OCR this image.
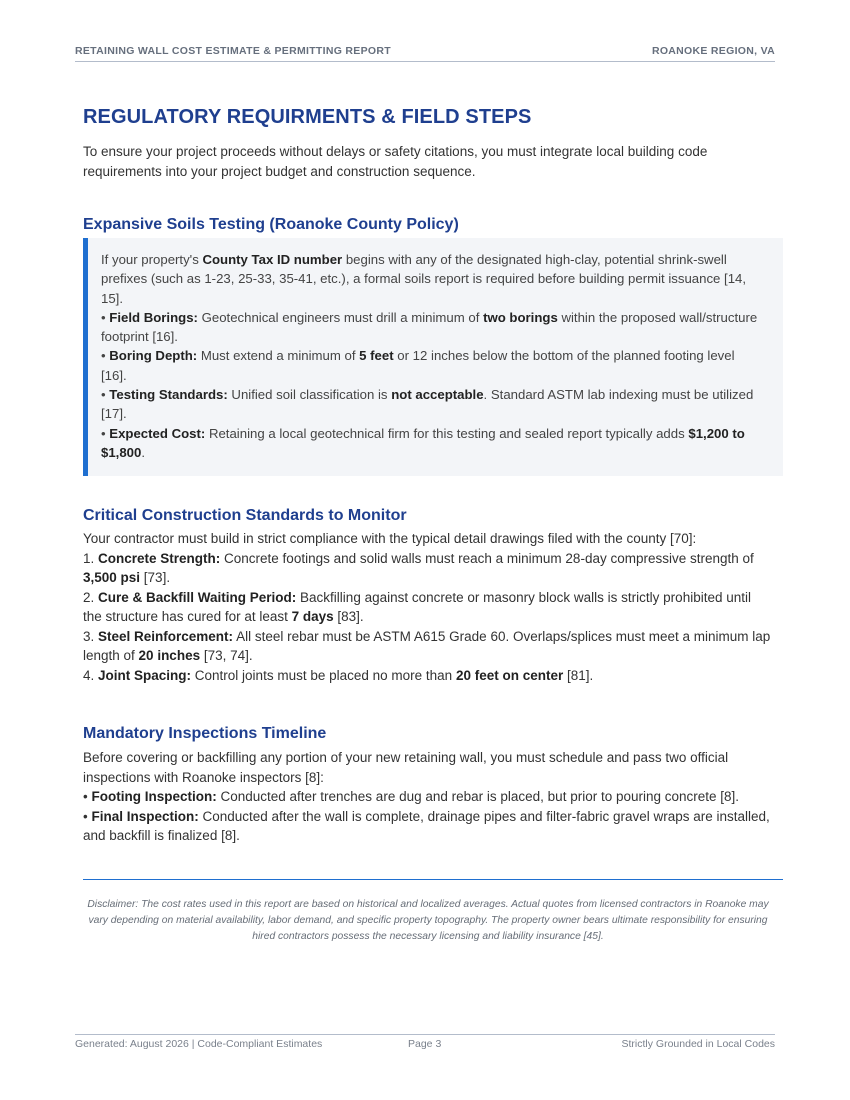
RETAINING WALL COST ESTIMATE & PERMITTING REPORT	ROANOKE REGION, VA
REGULATORY REQUIRMENTS & FIELD STEPS

To ensure your project proceeds without delays or safety citations, you must integrate local building code requirements into your project budget and construction sequence.

Expansive Soils Testing (Roanoke County Policy)

If your property's County Tax ID number begins with any of the designated high-clay, potential shrink-swell prefixes (such as 1-23, 25-33, 35-41, etc.), a formal soils report is required before building permit issuance [14, 15].

• Field Borings: Geotechnical engineers must drill a minimum of two borings within the proposed wall/structure footprint [16].

• Boring Depth: Must extend a minimum of 5 feet or 12 inches below the bottom of the planned footing level [16].

• Testing Standards: Unified soil classification is not acceptable. Standard ASTM lab indexing must be utilized [17].

• Expected Cost: Retaining a local geotechnical firm for this testing and sealed report typically adds $1,200 to $1,800.

Critical Construction Standards to Monitor

Your contractor must build in strict compliance with the typical detail drawings filed with the county [70]:

1. Concrete Strength: Concrete footings and solid walls must reach a minimum 28-day compressive strength of 3,500 psi [73].

2. Cure & Backfill Waiting Period: Backfilling against concrete or masonry block walls is strictly prohibited until the structure has cured for at least 7 days [83].

3. Steel Reinforcement: All steel rebar must be ASTM A615 Grade 60. Overlaps/splices must meet a minimum lap length of 20 inches [73, 74].

4. Joint Spacing: Control joints must be placed no more than 20 feet on center [81].

Mandatory Inspections Timeline

Before covering or backfilling any portion of your new retaining wall, you must schedule and pass two official inspections with Roanoke inspectors [8]:

• Footing Inspection: Conducted after trenches are dug and rebar is placed, but prior to pouring concrete [8].

• Final Inspection: Conducted after the wall is complete, drainage pipes and filter-fabric gravel wraps are installed, and backfill is finalized [8].

Disclaimer: The cost rates used in this report are based on historical and localized averages. Actual quotes from licensed contractors in Roanoke may vary depending on material availability, labor demand, and specific property topography. The property owner bears ultimate responsibility for ensuring hired contractors possess the necessary licensing and liability insurance [45].

Generated: August 2026 | Code-Compliant Estimates	Page 3	Strictly Grounded in Local Codes
